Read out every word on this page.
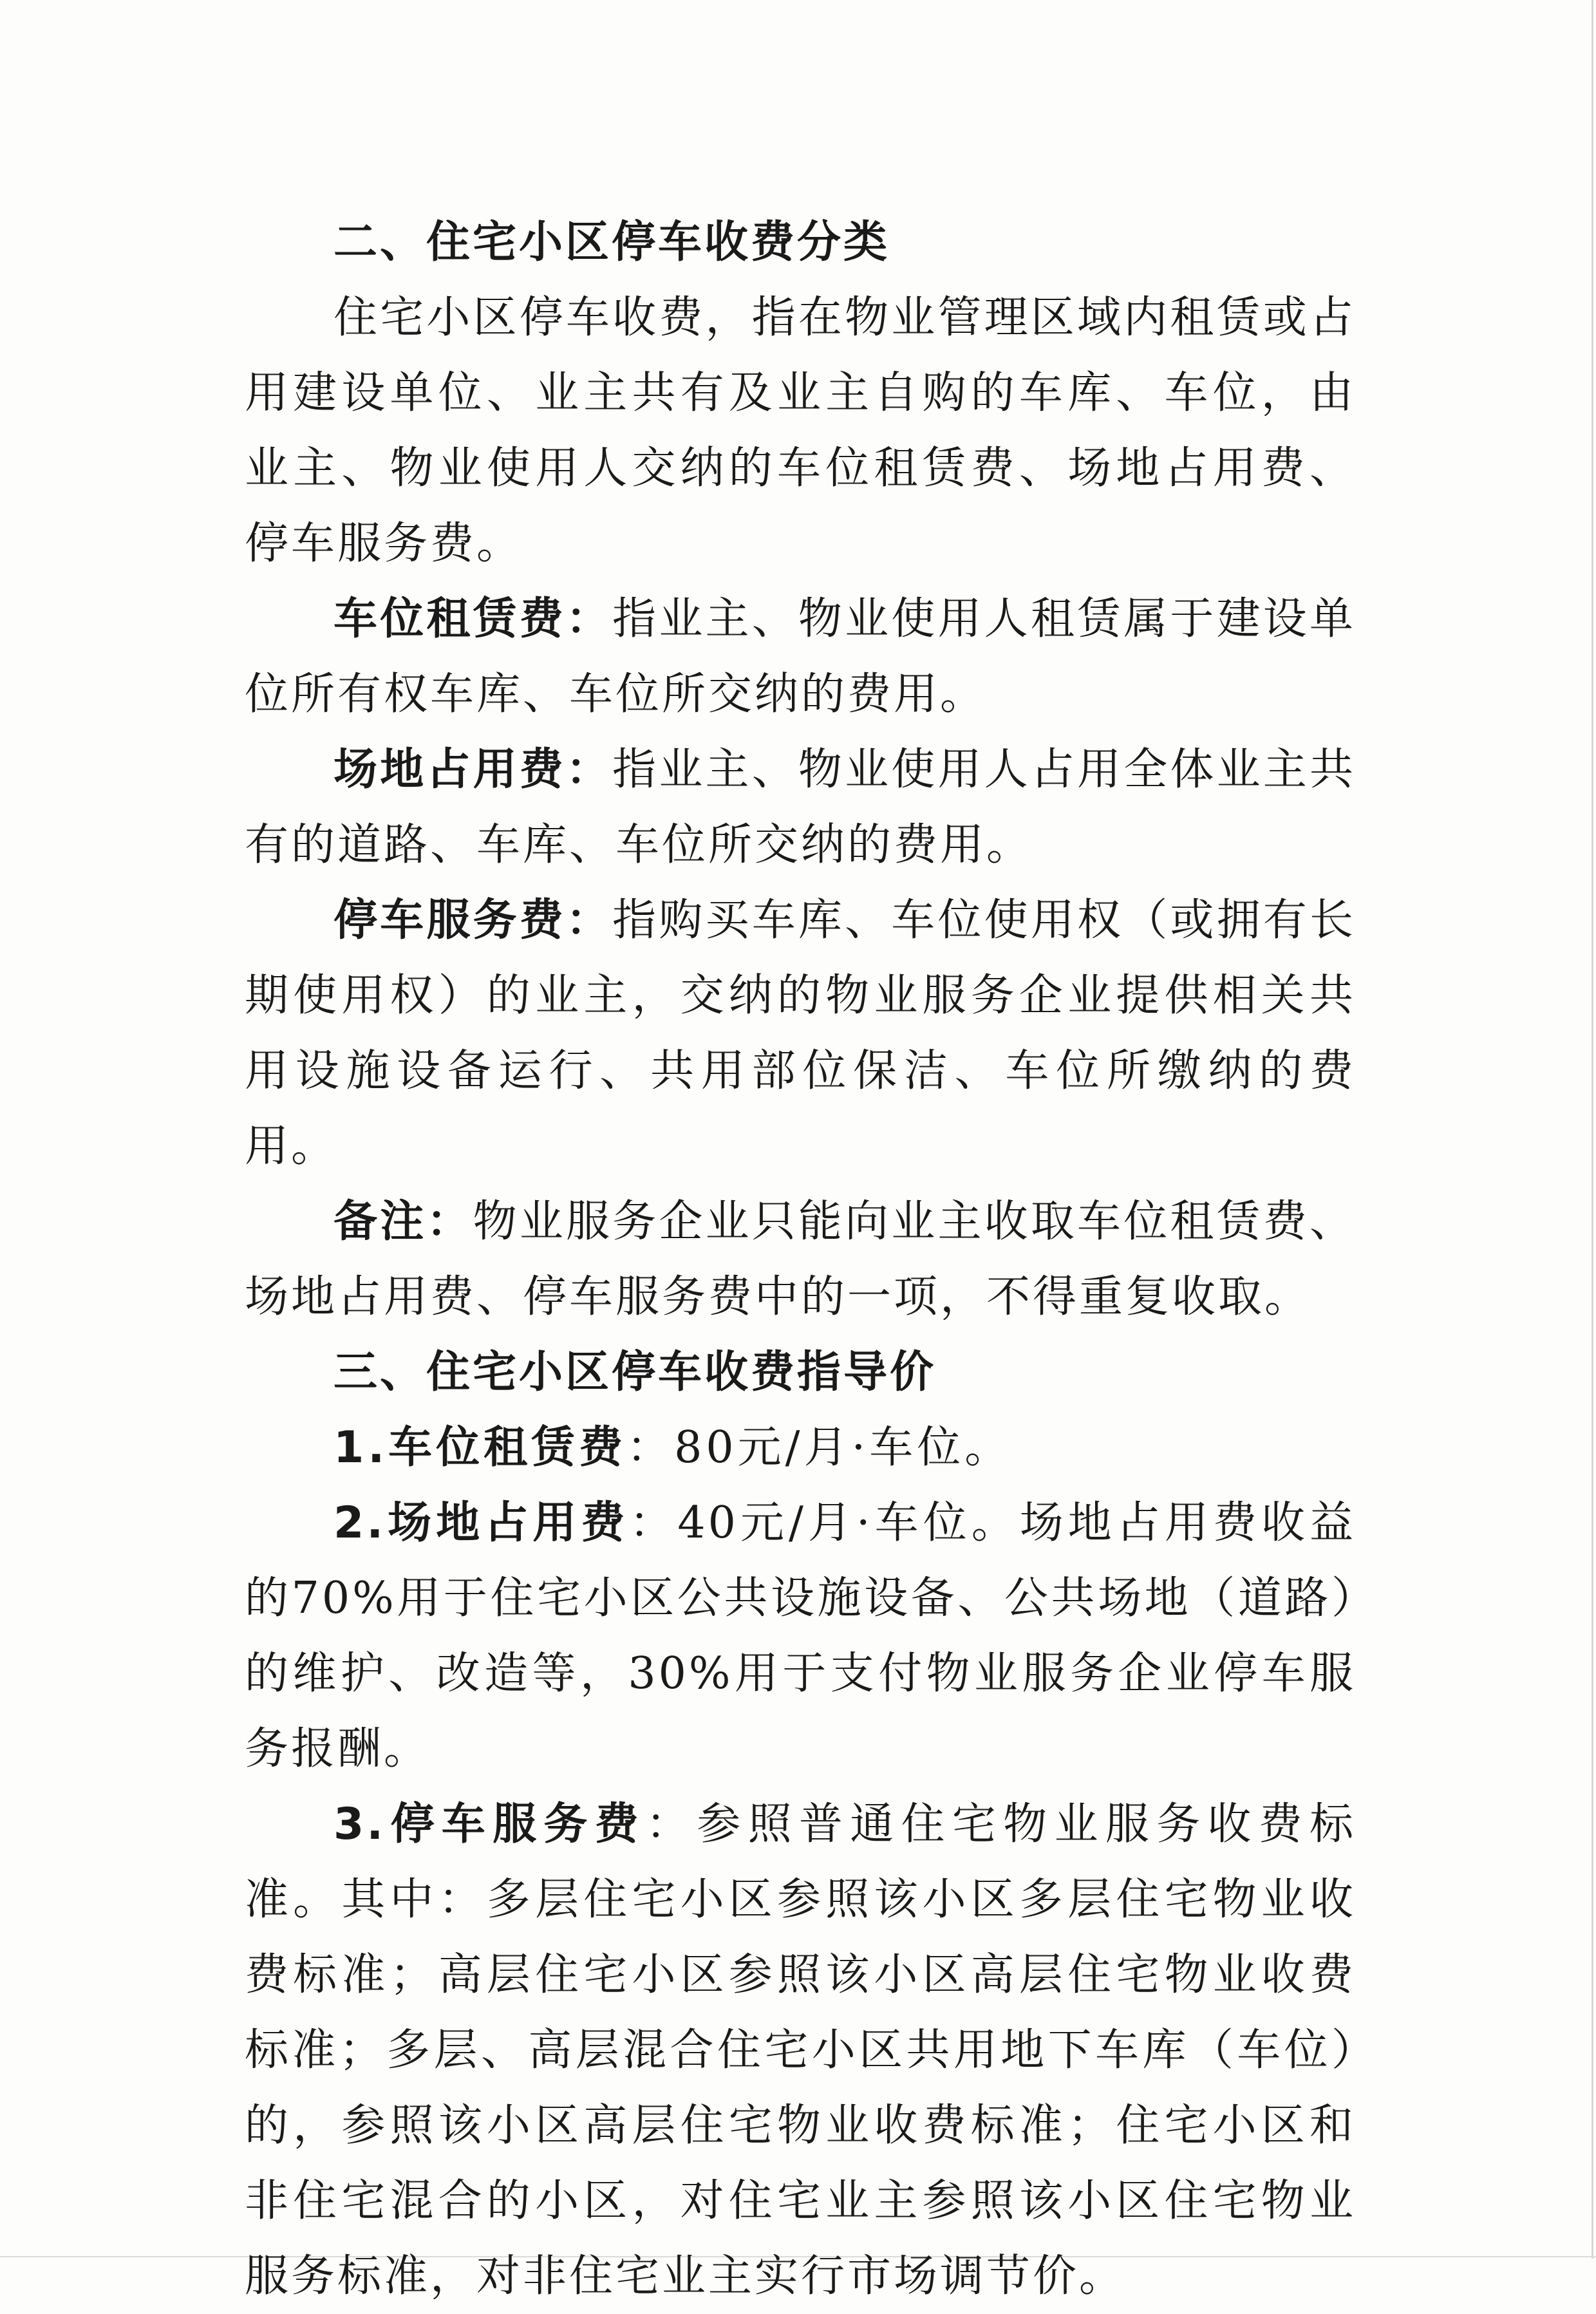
二、住宅小区停车收费分类

住宅小区停车收费，指在物业管理区域内租赁或占用建设单位、业主共有及业主自购的车库、车位，由业主、物业使用人交纳的车位租赁费、场地占用费、停车服务费。

车位租赁费：指业主、物业使用人租赁属于建设单位所有权车库、车位所交纳的费用。

场地占用费：指业主、物业使用人占用全体业主共有的道路、车库、车位所交纳的费用。

停车服务费：指购买车库、车位使用权（或拥有长期使用权）的业主，交纳的物业服务企业提供相关共用设施设备运行、共用部位保洁、车位所缴纳的费用。

备注：物业服务企业只能向业主收取车位租赁费、场地占用费、停车服务费中的一项，不得重复收取。

三、住宅小区停车收费指导价

1.车位租赁费：80元/月·车位。

2.场地占用费：40元/月·车位。场地占用费收益的70%用于住宅小区公共设施设备、公共场地（道路）的维护、改造等，30%用于支付物业服务企业停车服务报酬。

3.停车服务费：参照普通住宅物业服务收费标准。其中：多层住宅小区参照该小区多层住宅物业收费标准；高层住宅小区参照该小区高层住宅物业收费标准；多层、高层混合住宅小区共用地下车库（车位）的，参照该小区高层住宅物业收费标准；住宅小区和非住宅混合的小区，对住宅业主参照该小区住宅物业服务标准，对非住宅业主实行市场调节价。
